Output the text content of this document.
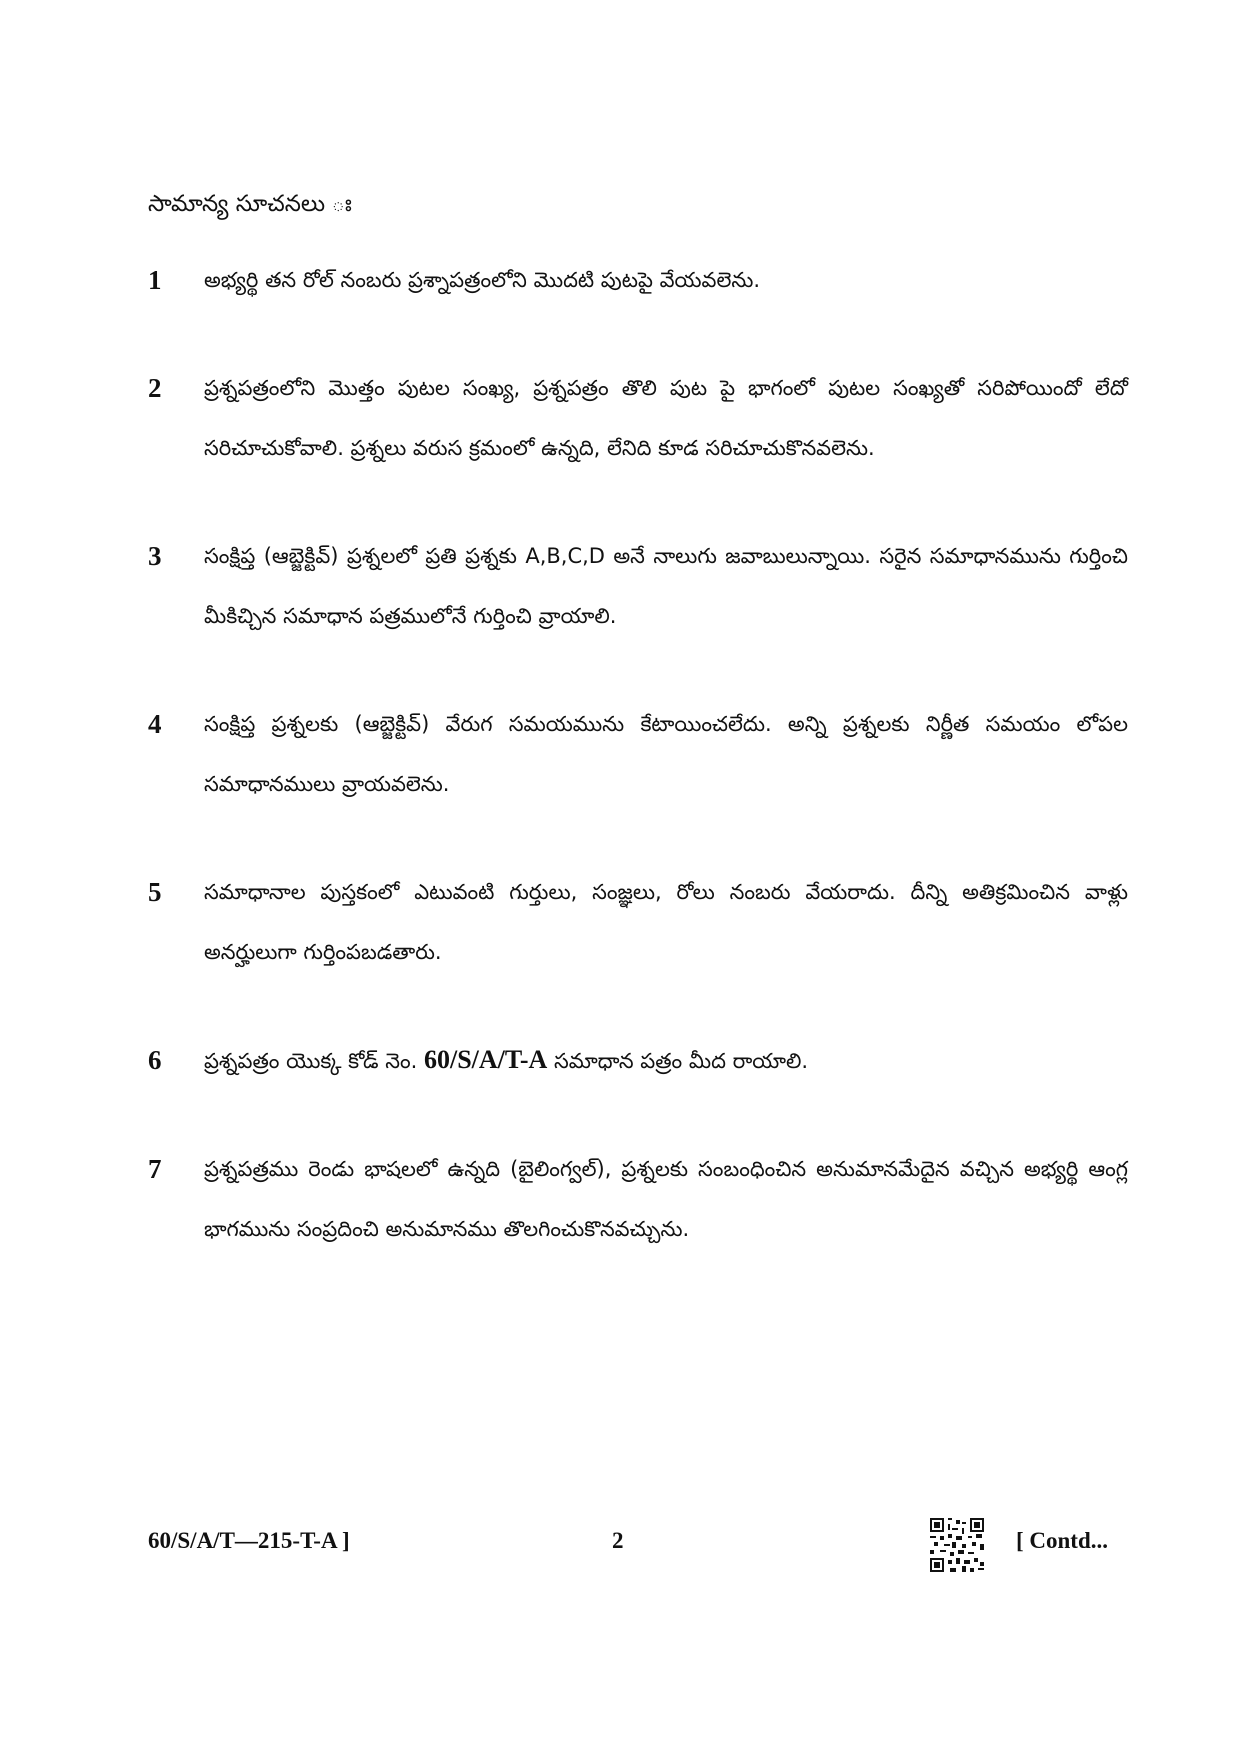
సామాన్య సూచనలు ః
1	అభ్యర్థి తన రోల్ నంబరు ప్రశ్నాపత్రంలోని మొదటి పుటపై వేయవలెను.
2	ప్రశ్నపత్రంలోని మొత్తం పుటల సంఖ్య, ప్రశ్నపత్రం తొలి పుట పై భాగంలో పుటల సంఖ్యతో సరిపోయిందో లేదో సరిచూచుకోవాలి. ప్రశ్నలు వరుస క్రమంలో ఉన్నది, లేనిది కూడ సరిచూచుకొనవలెను.
3	సంక్షిప్త (ఆబ్జెక్టివ్) ప్రశ్నలలో ప్రతి ప్రశ్నకు A,B,C,D అనే నాలుగు జవాబులున్నాయి. సరైన సమాధానమును గుర్తించి మీకిచ్చిన సమాధాన పత్రములోనే గుర్తించి వ్రాయాలి.
4	సంక్షిప్త ప్రశ్నలకు (ఆబ్జెక్టివ్) వేరుగ సమయమును కేటాయించలేదు. అన్ని ప్రశ్నలకు నిర్ణీత సమయం లోపల సమాధానములు వ్రాయవలెను.
5	సమాధానాల పుస్తకంలో ఎటువంటి గుర్తులు, సంజ్ఞలు, రోలు నంబరు వేయరాదు. దీన్ని అతిక్రమించిన వాళ్లు అనర్హులుగా గుర్తింపబడతారు.
6	ప్రశ్నపత్రం యొక్క కోడ్ నెం. 60/S/A/T-A సమాధాన పత్రం మీద రాయాలి.
7	ప్రశ్నపత్రము రెండు భాషలలో ఉన్నది (బైలింగ్వల్), ప్రశ్నలకు సంబంధించిన అనుమానమేదైన వచ్చిన అభ్యర్థి ఆంగ్ల భాగమును సంప్రదించి అనుమానము తొలగించుకొనవచ్చును.
60/S/A/T—215-T-A ]	2	[ Contd...
